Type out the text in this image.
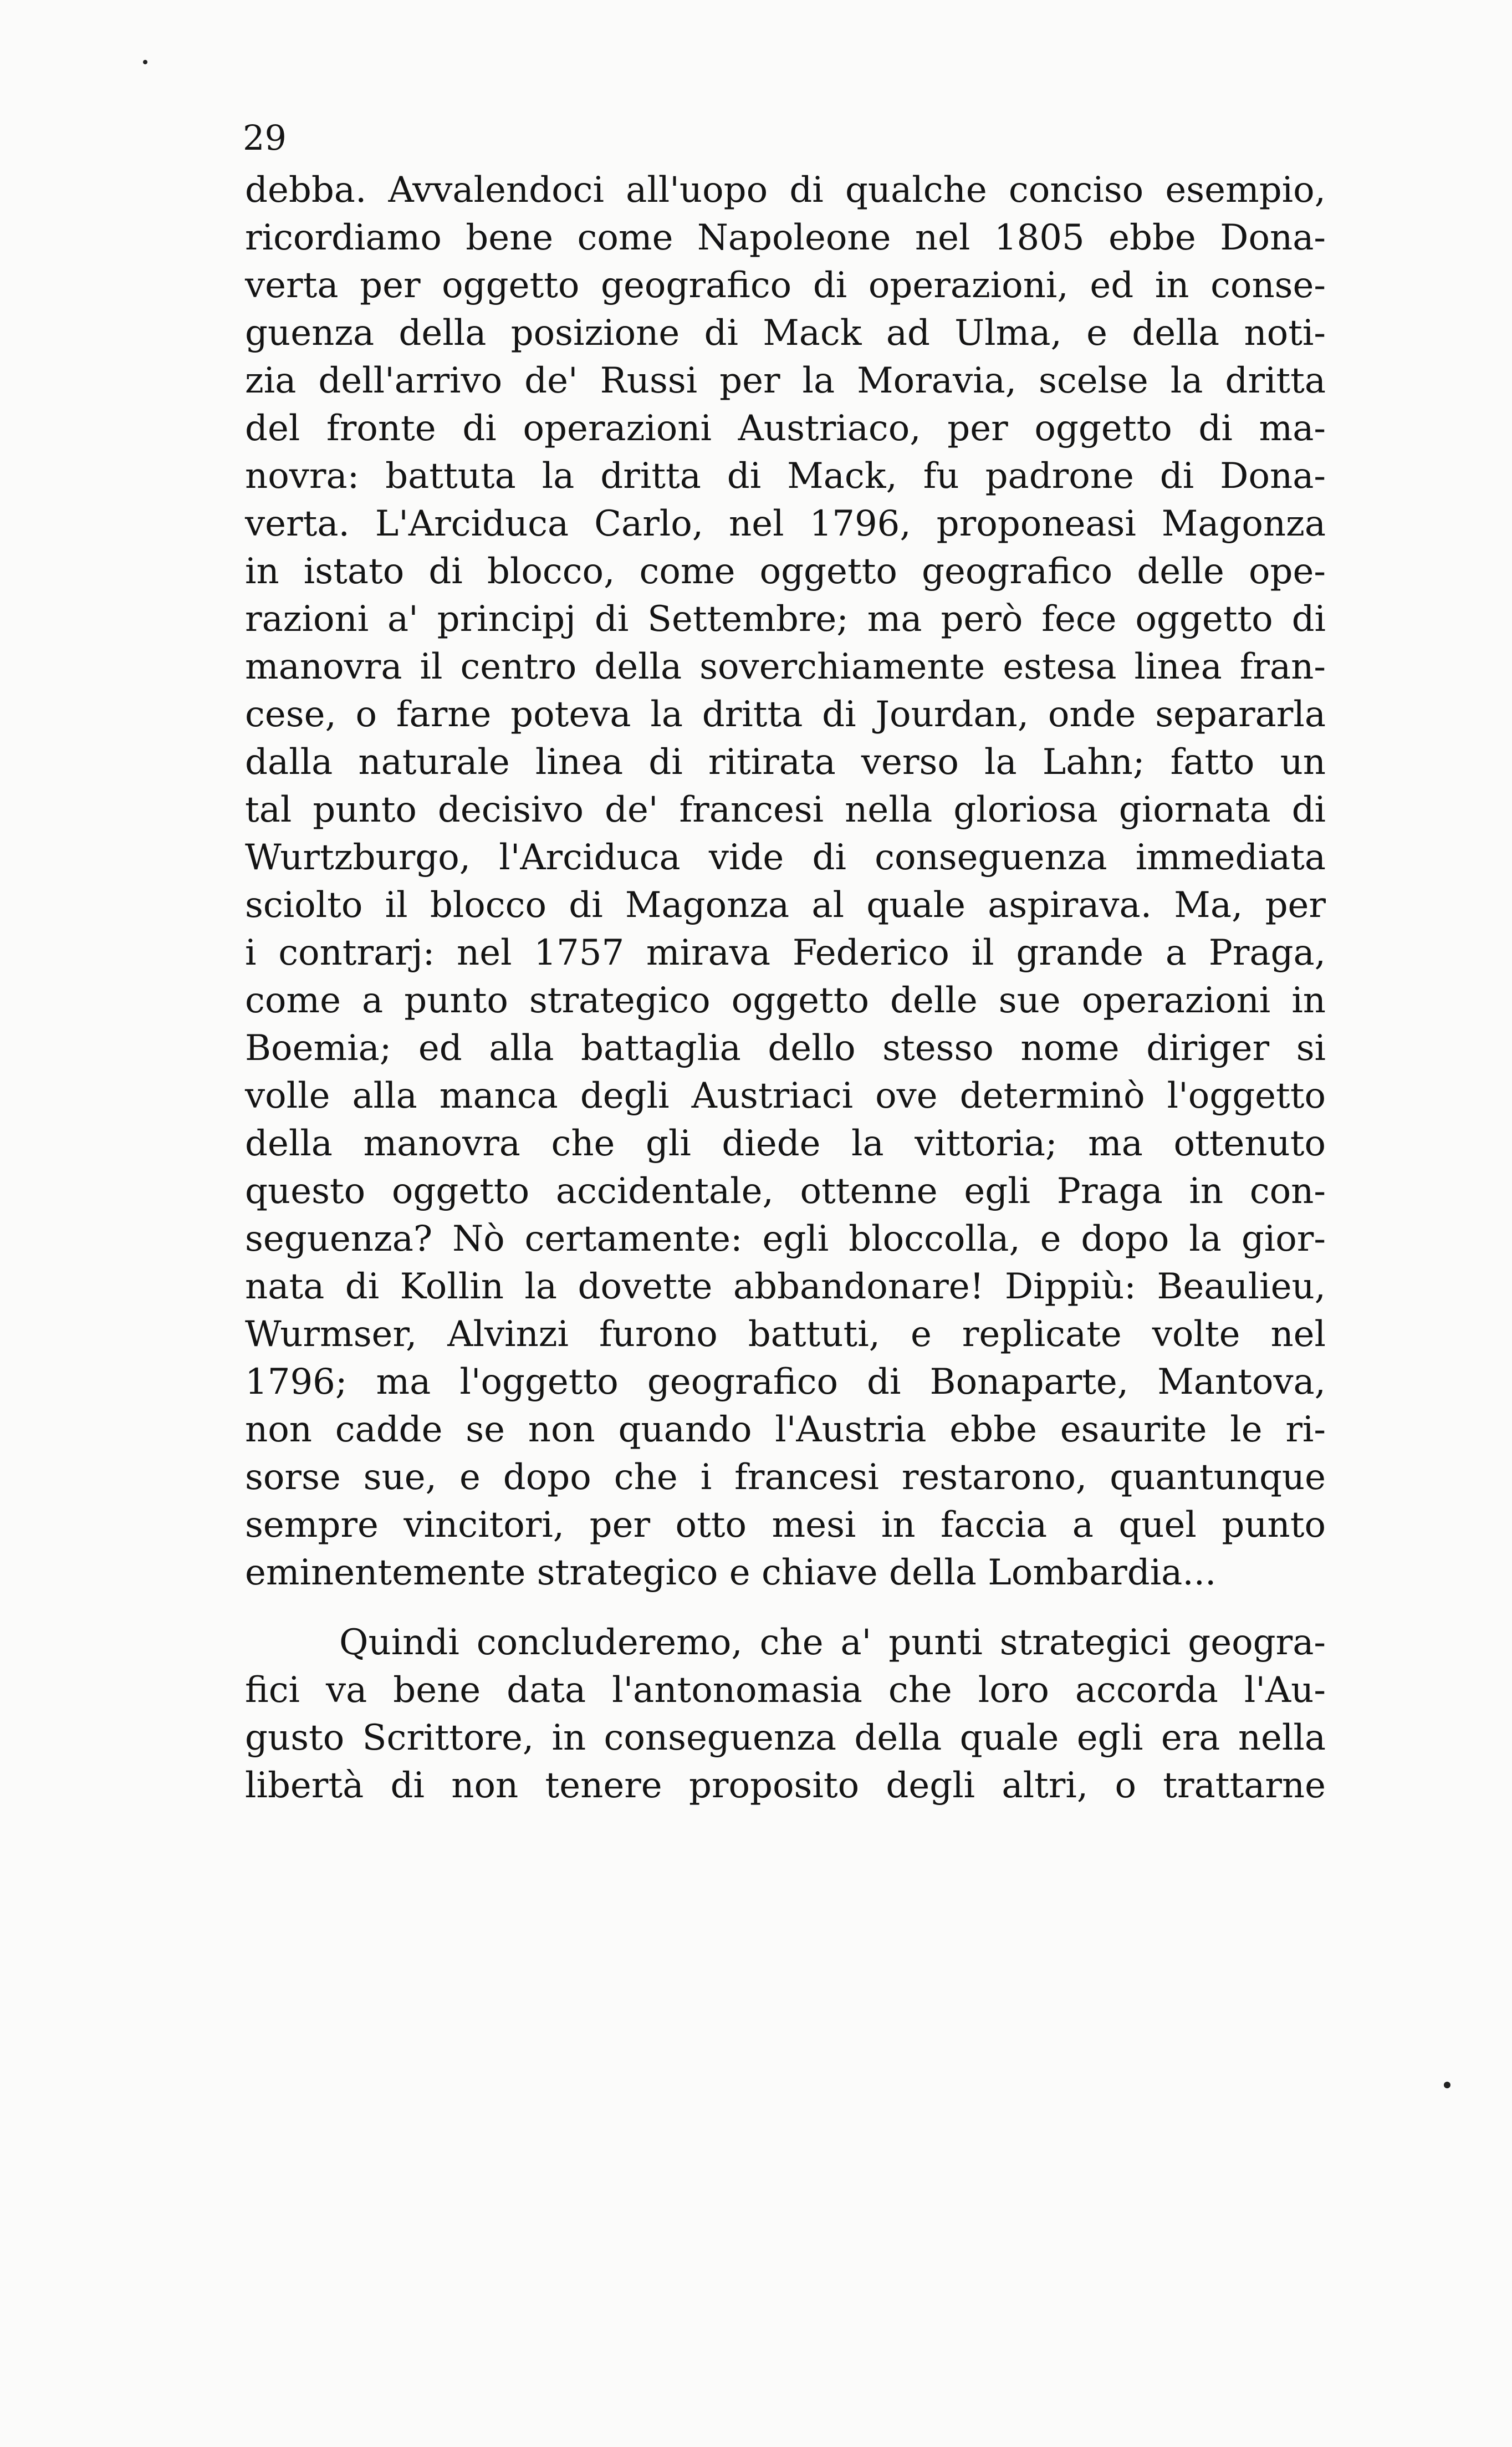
29
debba. Avvalendoci all'uopo di qualche conciso esempio,
ricordiamo bene come Napoleone nel 1805 ebbe Dona-
verta per oggetto geografico di operazioni, ed in conse-
guenza della posizione di Mack ad Ulma, e della noti-
zia dell'arrivo de' Russi per la Moravia, scelse la dritta
del fronte di operazioni Austriaco, per oggetto di ma-
novra: battuta la dritta di Mack, fu padrone di Dona-
verta. L'Arciduca Carlo, nel 1796, proponeasi Magonza
in istato di blocco, come oggetto geografico delle ope-
razioni a' principj di Settembre; ma però fece oggetto di
manovra il centro della soverchiamente estesa linea fran-
cese, o farne poteva la dritta di Jourdan, onde separarla
dalla naturale linea di ritirata verso la Lahn; fatto un
tal punto decisivo de' francesi nella gloriosa giornata di
Wurtzburgo, l'Arciduca vide di conseguenza immediata
sciolto il blocco di Magonza al quale aspirava. Ma, per
i contrarj: nel 1757 mirava Federico il grande a Praga,
come a punto strategico oggetto delle sue operazioni in
Boemia; ed alla battaglia dello stesso nome diriger si
volle alla manca degli Austriaci ove determinò l'oggetto
della manovra che gli diede la vittoria; ma ottenuto
questo oggetto accidentale, ottenne egli Praga in con-
seguenza? Nò certamente: egli bloccolla, e dopo la gior-
nata di Kollin la dovette abbandonare! Dippiù: Beaulieu,
Wurmser, Alvinzi furono battuti, e replicate volte nel
1796; ma l'oggetto geografico di Bonaparte, Mantova,
non cadde se non quando l'Austria ebbe esaurite le ri-
sorse sue, e dopo che i francesi restarono, quantunque
sempre vincitori, per otto mesi in faccia a quel punto
eminentemente strategico e chiave della Lombardia...
Quindi concluderemo, che a' punti strategici geogra-
fici va bene data l'antonomasia che loro accorda l'Au-
gusto Scrittore, in conseguenza della quale egli era nella
libertà di non tenere proposito degli altri, o trattarne
